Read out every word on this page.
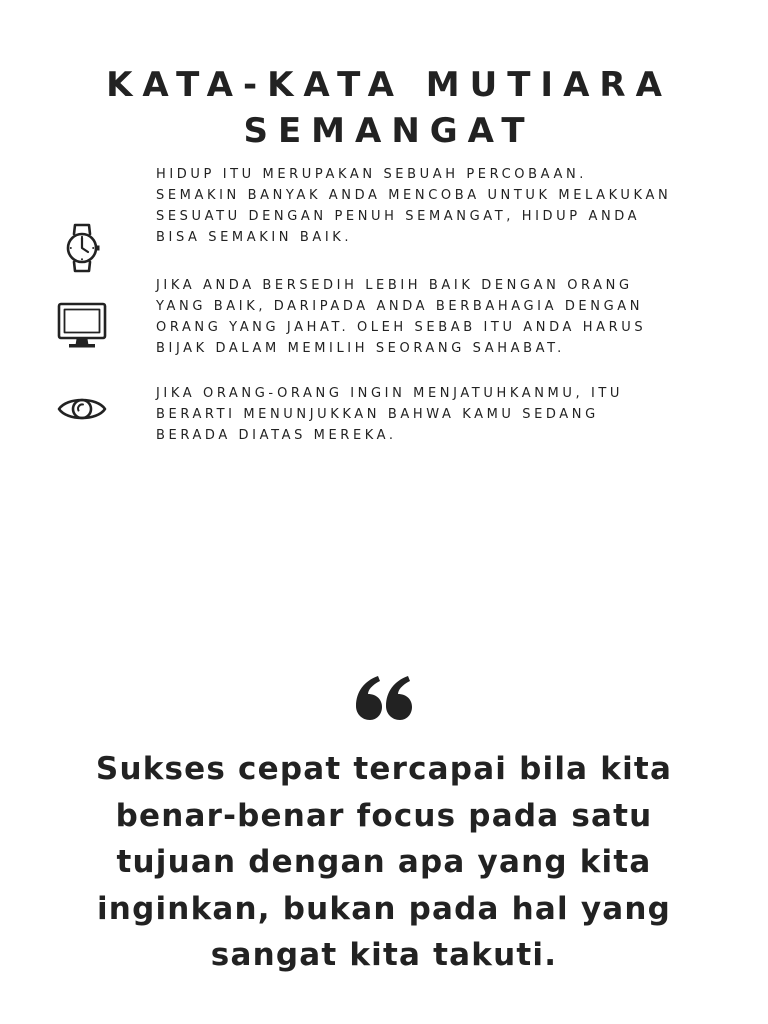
KATA-KATA MUTIARA
SEMANGAT

HIDUP ITU MERUPAKAN SEBUAH PERCOBAAN. SEMAKIN BANYAK ANDA MENCOBA UNTUK MELAKUKAN SESUATU DENGAN PENUH SEMANGAT, HIDUP ANDA BISA SEMAKIN BAIK.

JIKA ANDA BERSEDIH LEBIH BAIK DENGAN ORANG YANG BAIK, DARIPADA ANDA BERBAHAGIA DENGAN ORANG YANG JAHAT. OLEH SEBAB ITU ANDA HARUS BIJAK DALAM MEMILIH SEORANG SAHABAT.

JIKA ORANG-ORANG INGIN MENJATUHKANMU, ITU BERARTI MENUNJUKKAN BAHWA KAMU SEDANG BERADA DIATAS MEREKA.

Sukses cepat tercapai bila kita benar-benar focus pada satu tujuan dengan apa yang kita inginkan, bukan pada hal yang sangat kita takuti.
